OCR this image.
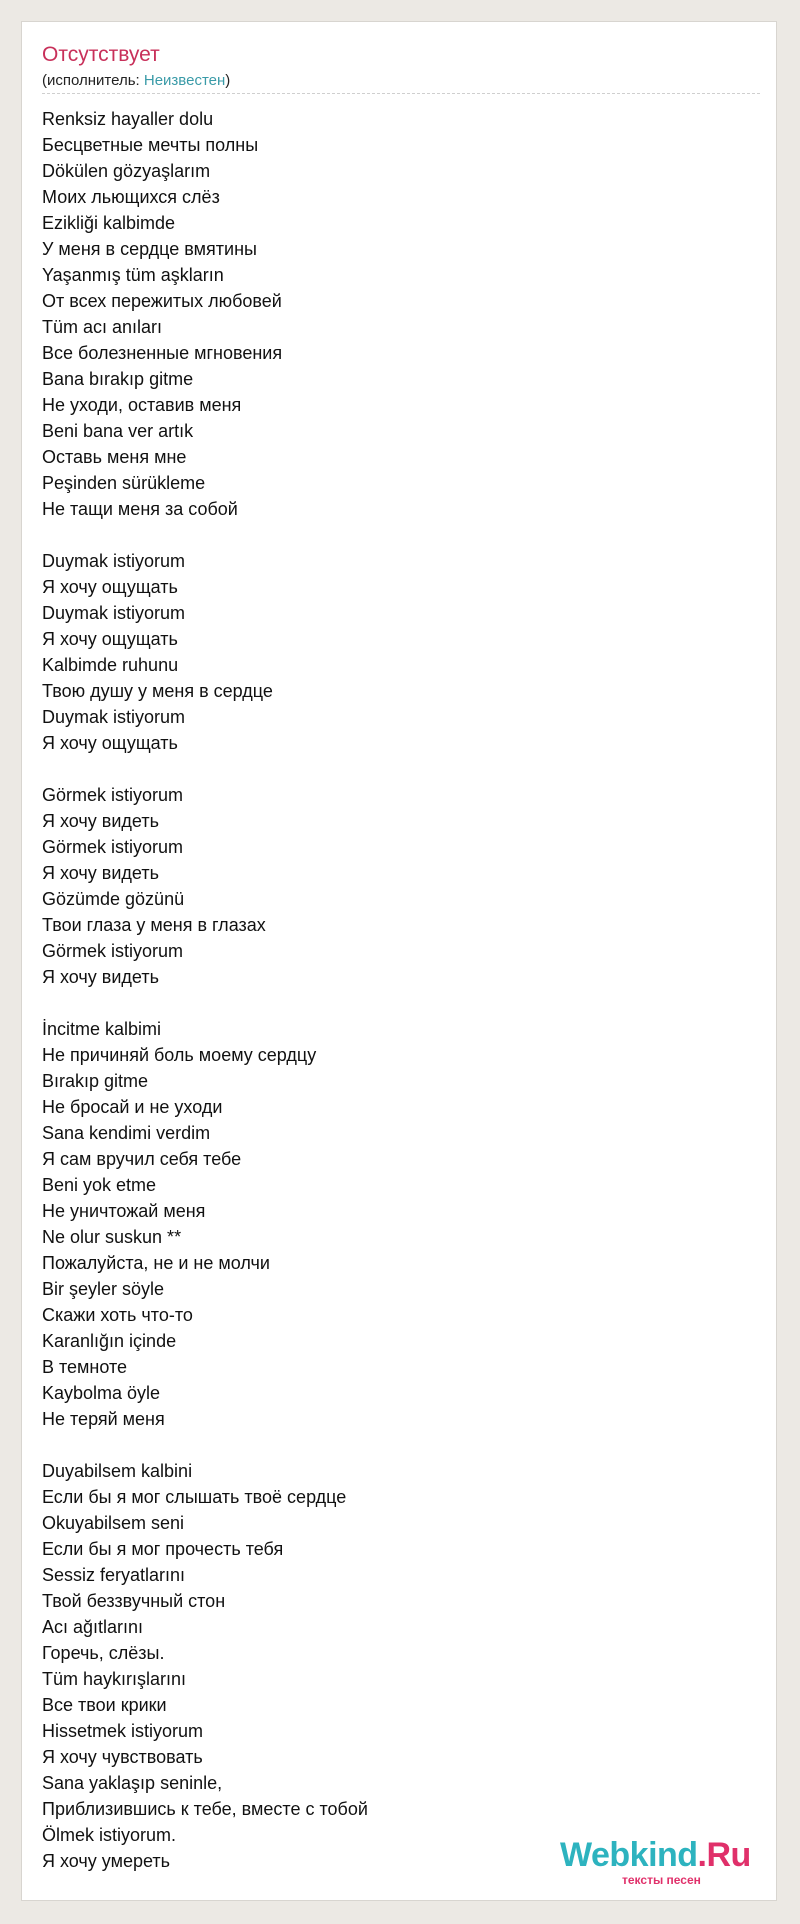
Отсутствует
(исполнитель: Неизвестен)
Renksiz hayaller dolu
Бесцветные мечты полны
Dökülen gözyaşlarım
Моих льющихся слёз
Ezikliği kalbimde
У меня в сердце вмятины
Yaşanmış tüm aşkların
От всех пережитых любовей
Tüm acı anıları
Все болезненные мгновения
Bana bırakıp gitme
Не уходи, оставив меня
Beni bana ver artık
Оставь меня мне
Peşinden sürükleme
Не тащи меня за собой
Duymak istiyorum
Я хочу ощущать
Duymak istiyorum
Я хочу ощущать
Kalbimde ruhunu
Твою душу у меня в сердце
Duymak istiyorum
Я хочу ощущать
Görmek istiyorum
Я хочу видеть
Görmek istiyorum
Я хочу видеть
Gözümde gözünü
Твои глаза у меня в глазах
Görmek istiyorum
Я хочу видеть
İncitme kalbimi
Не причиняй боль моему сердцу
Bırakıp gitme
Не бросай и не уходи
Sana kendimi verdim
Я сам вручил себя тебе
Beni yok etme
Не уничтожай меня
Ne olur suskun **
Пожалуйста, не и не молчи
Bir şeyler söyle
Скажи хоть что-то
Karanlığın içinde
В темноте
Kaybolma öyle
Не теряй меня
Duyabilsem kalbini
Если бы я мог слышать твоё сердце
Okuyabilsem seni
Если бы я мог прочесть тебя
Sessiz feryatlarını
Твой беззвучный стон
Acı ağıtlarını
Горечь, слёзы.
Tüm haykırışlarını
Все твои крики
Hissetmek istiyorum
Я хочу чувствовать
Sana yaklaşıp seninle,
Приблизившись к тебе, вместе с тобой
Ölmek istiyorum.
Я хочу умереть	Webkind.Ru
тексты песен
